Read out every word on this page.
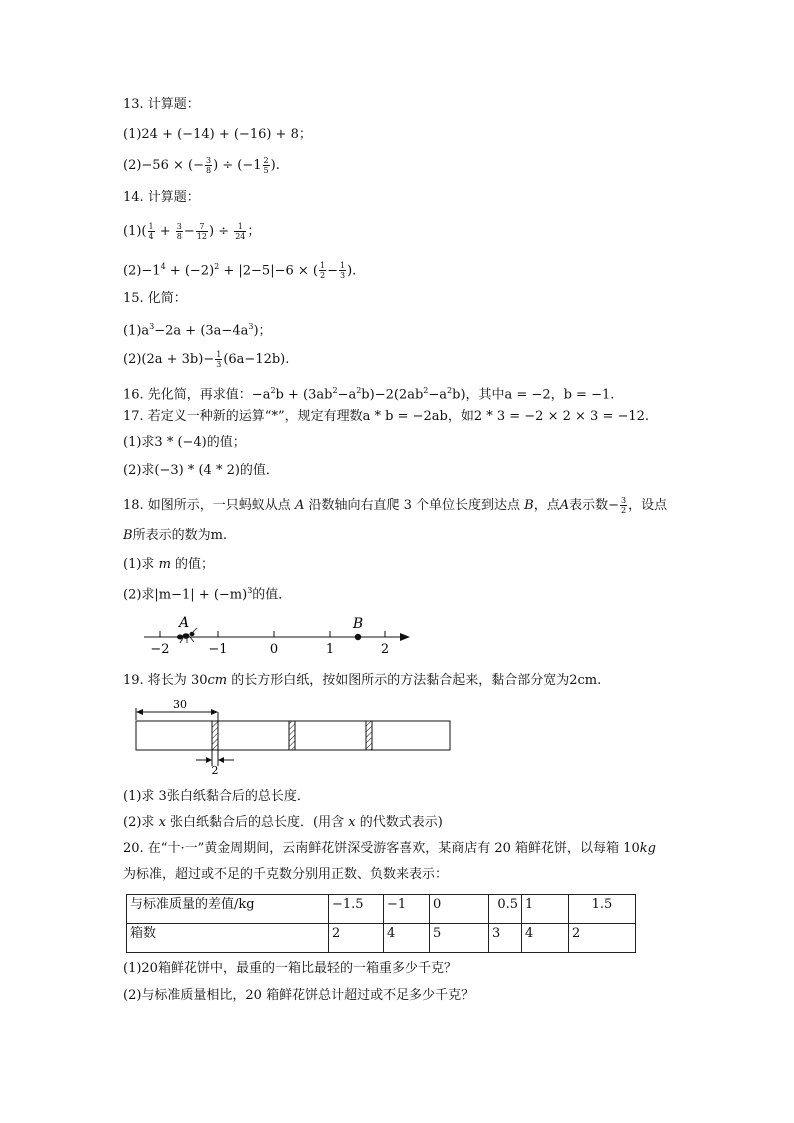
13. 计算题：
(1)24 + (−14) + (−16) + 8；
(2)−56 × (− $\frac{3}{8}$ ) ÷ ($-1 \frac{2}{5}$ ).
14. 计算题：
$(1)( \frac{1}{4} + \frac{3}{8} - \frac{7}{12}$ ) ÷ $\frac{1}{24}$ ；
$(2)-1^4 + (-2)^2 + |2-5|-6$ × ( $\frac{1}{2} - \frac{1}{3}$ ).
15. 化简：
$(1)a^3-2a + (3a-4a^3)$；
$(2)(2a + 3b)- \frac{1}{3} (6a-12b)$.
16. 先化简，再求值：$-a^2b + (3ab^2-a^2b)-2(2ab^2-a^2b)$，其中a = −2，b = −1.
17. 若定义一种新的运算“*”，规定有理数a * b = −2ab，如2 * 3 = −2 × 2 × 3 = −12.
(1)求3 * (−4)的值；
(2)求(−3) * (4 * 2)的值．
18. 如图所示，一只蚂蚁从点 A 沿数轴向右直爬 3 个单位长度到达点 B，点A表示数− $\frac{3}{2}$ ，设点
B所表示的数为m.
(1)求 m 的值；
(2)求$|m-1| + (-m)^3$的值．
−2	−1	0	1	2
A	B
19. 将长为 30cm 的长方形白纸，按如图所示的方法黏合起来，黏合部分宽为2cm.
30
2
(1)求 3张白纸黏合后的总长度．
(2)求 x 张白纸黏合后的总长度．(用含 x 的代数式表示)
20. 在“十·一”黄金周期间，云南鲜花饼深受游客喜欢，某商店有 20 箱鲜花饼，以每箱 10kg
为标准，超过或不足的千克数分别用正数、负数来表示：
与标准质量的差值/kg	−1.5	−1	0	0.5	1	1.5
箱数	2	4	5	3	4	2
(1)20箱鲜花饼中，最重的一箱比最轻的一箱重多少千克？
(2)与标准质量相比，20 箱鲜花饼总计超过或不足多少千克？
